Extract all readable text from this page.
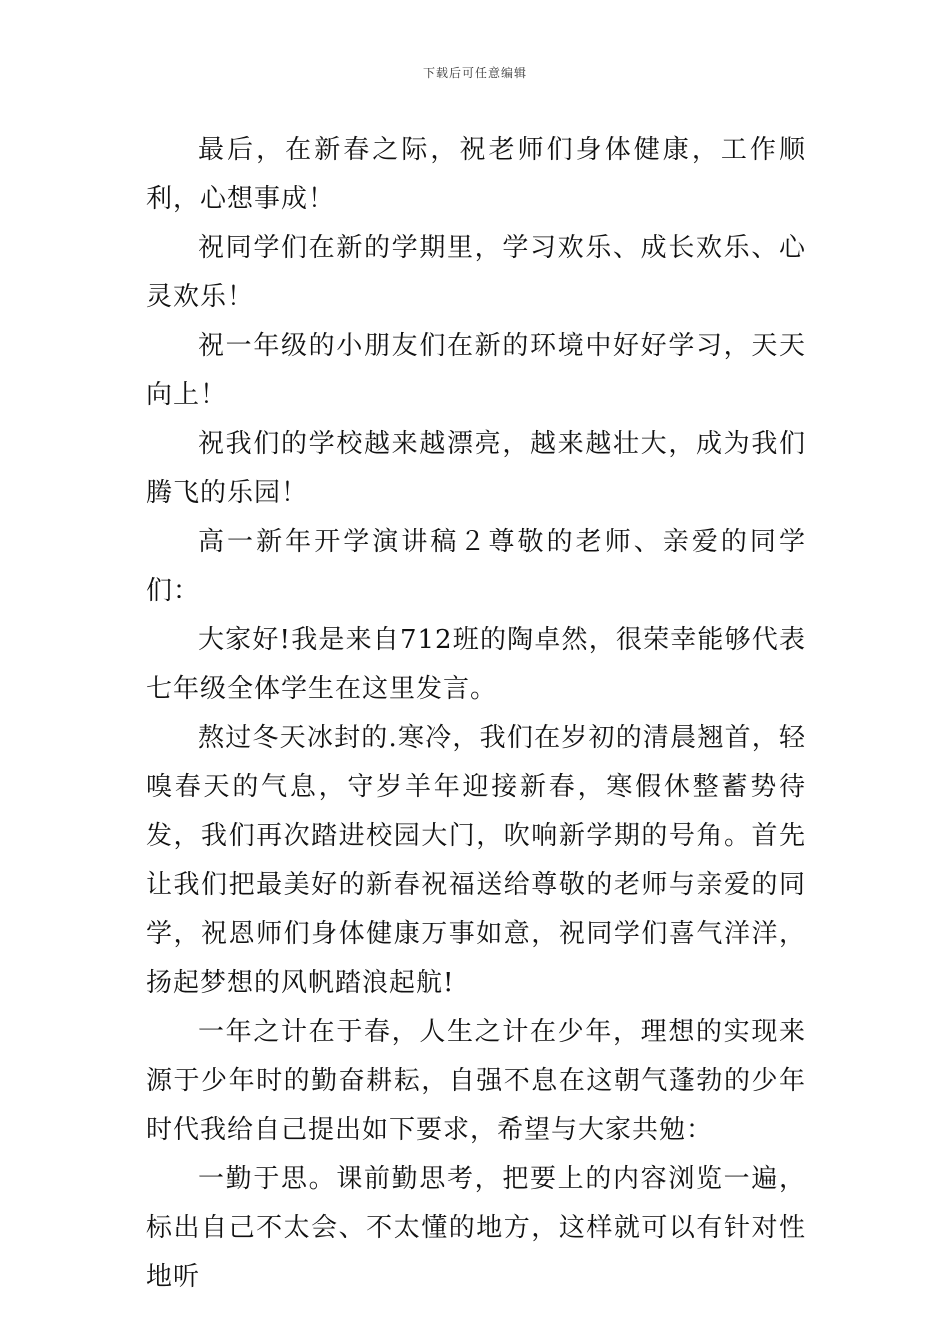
下载后可任意编辑

最后，在新春之际，祝老师们身体健康，工作顺利，心想事成！

祝同学们在新的学期里，学习欢乐、成长欢乐、心灵欢乐！

祝一年级的小朋友们在新的环境中好好学习，天天向上！

祝我们的学校越来越漂亮，越来越壮大，成为我们腾飞的乐园！

高一新年开学演讲稿２尊敬的老师、亲爱的同学们：

大家好!我是来自712班的陶卓然，很荣幸能够代表七年级全体学生在这里发言。

熬过冬天冰封的.寒冷，我们在岁初的清晨翘首，轻嗅春天的气息，守岁羊年迎接新春，寒假休整蓄势待发，我们再次踏进校园大门，吹响新学期的号角。首先让我们把最美好的新春祝福送给尊敬的老师与亲爱的同学，祝恩师们身体健康万事如意，祝同学们喜气洋洋，扬起梦想的风帆踏浪起航!

一年之计在于春，人生之计在少年，理想的实现来源于少年时的勤奋耕耘，自强不息在这朝气蓬勃的少年时代我给自己提出如下要求，希望与大家共勉：

一勤于思。课前勤思考，把要上的内容浏览一遍，标出自己不太会、不太懂的地方，这样就可以有针对性地听
